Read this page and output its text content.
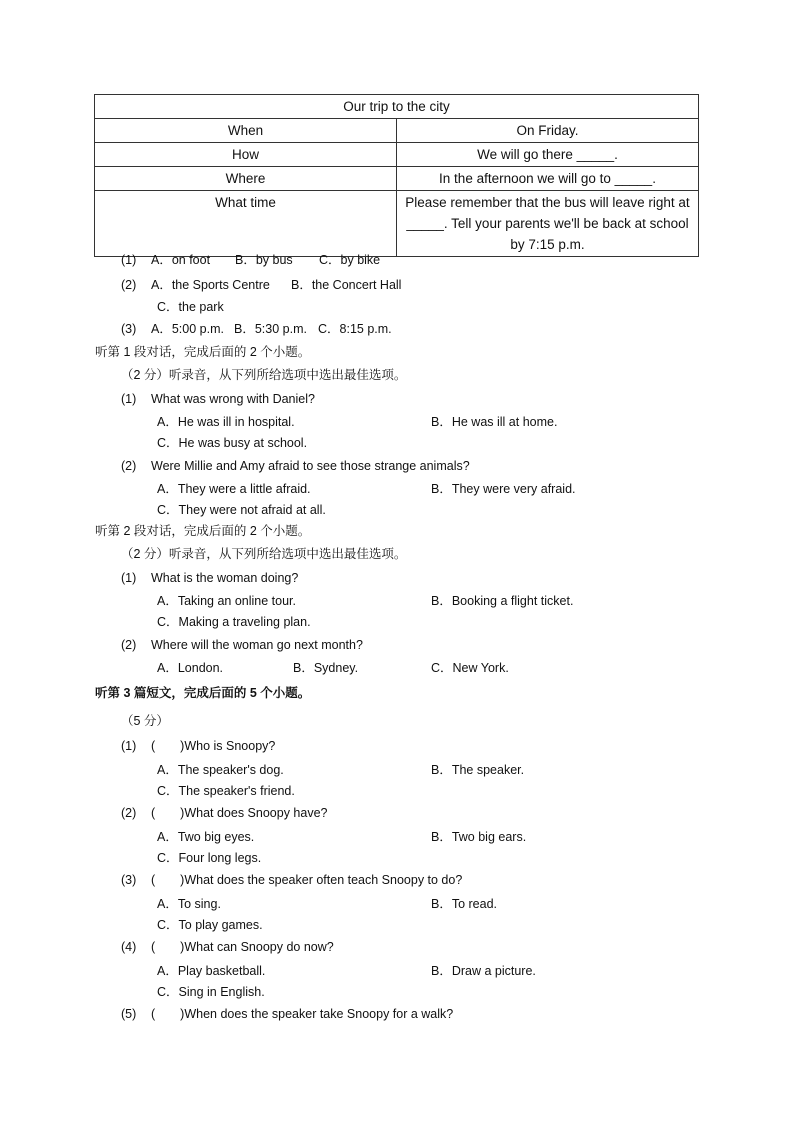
Our trip to the city	
When	On Friday.
How	We will go there _____.
Where	In the afternoon we will go to _____.
What time	Please remember that the bus will leave right at _____. Tell your parents we'll be back at school by 7:15 p.m.
(1) A．on foot B．by bus C．by bike
(2) A．the Sports Centre B．the Concert Hall
C．the park
(3) A．5:00 p.m. B．5:30 p.m. C．8:15 p.m.
听第 1 段对话，完成后面的 2 个小题。
（2 分）听录音，从下列所给选项中选出最佳选项。
(1) What was wrong with Daniel?
A．He was ill in hospital.	B．He was ill at home.
C．He was busy at school.
(2) Were Millie and Amy afraid to see those strange animals?
A．They were a little afraid.	B．They were very afraid.
C．They were not afraid at all.
听第 2 段对话，完成后面的 2 个小题。
（2 分）听录音，从下列所给选项中选出最佳选项。
(1) What is the woman doing?
A．Taking an online tour.	B．Booking a flight ticket.
C．Making a traveling plan.
(2) Where will the woman go next month?
A．London.	B．Sydney.	C．New York.
听第 3 篇短文，完成后面的 5 个小题。
（5 分）
(1) (　　)Who is Snoopy?
A．The speaker's dog.	B．The speaker.
C．The speaker's friend.
(2) (　　)What does Snoopy have?
A．Two big eyes.	B．Two big ears.
C．Four long legs.
(3) (　　)What does the speaker often teach Snoopy to do?
A．To sing.	B．To read.
C．To play games.
(4) (　　)What can Snoopy do now?
A．Play basketball.	B．Draw a picture.
C．Sing in English.
(5) (　　)When does the speaker take Snoopy for a walk?
